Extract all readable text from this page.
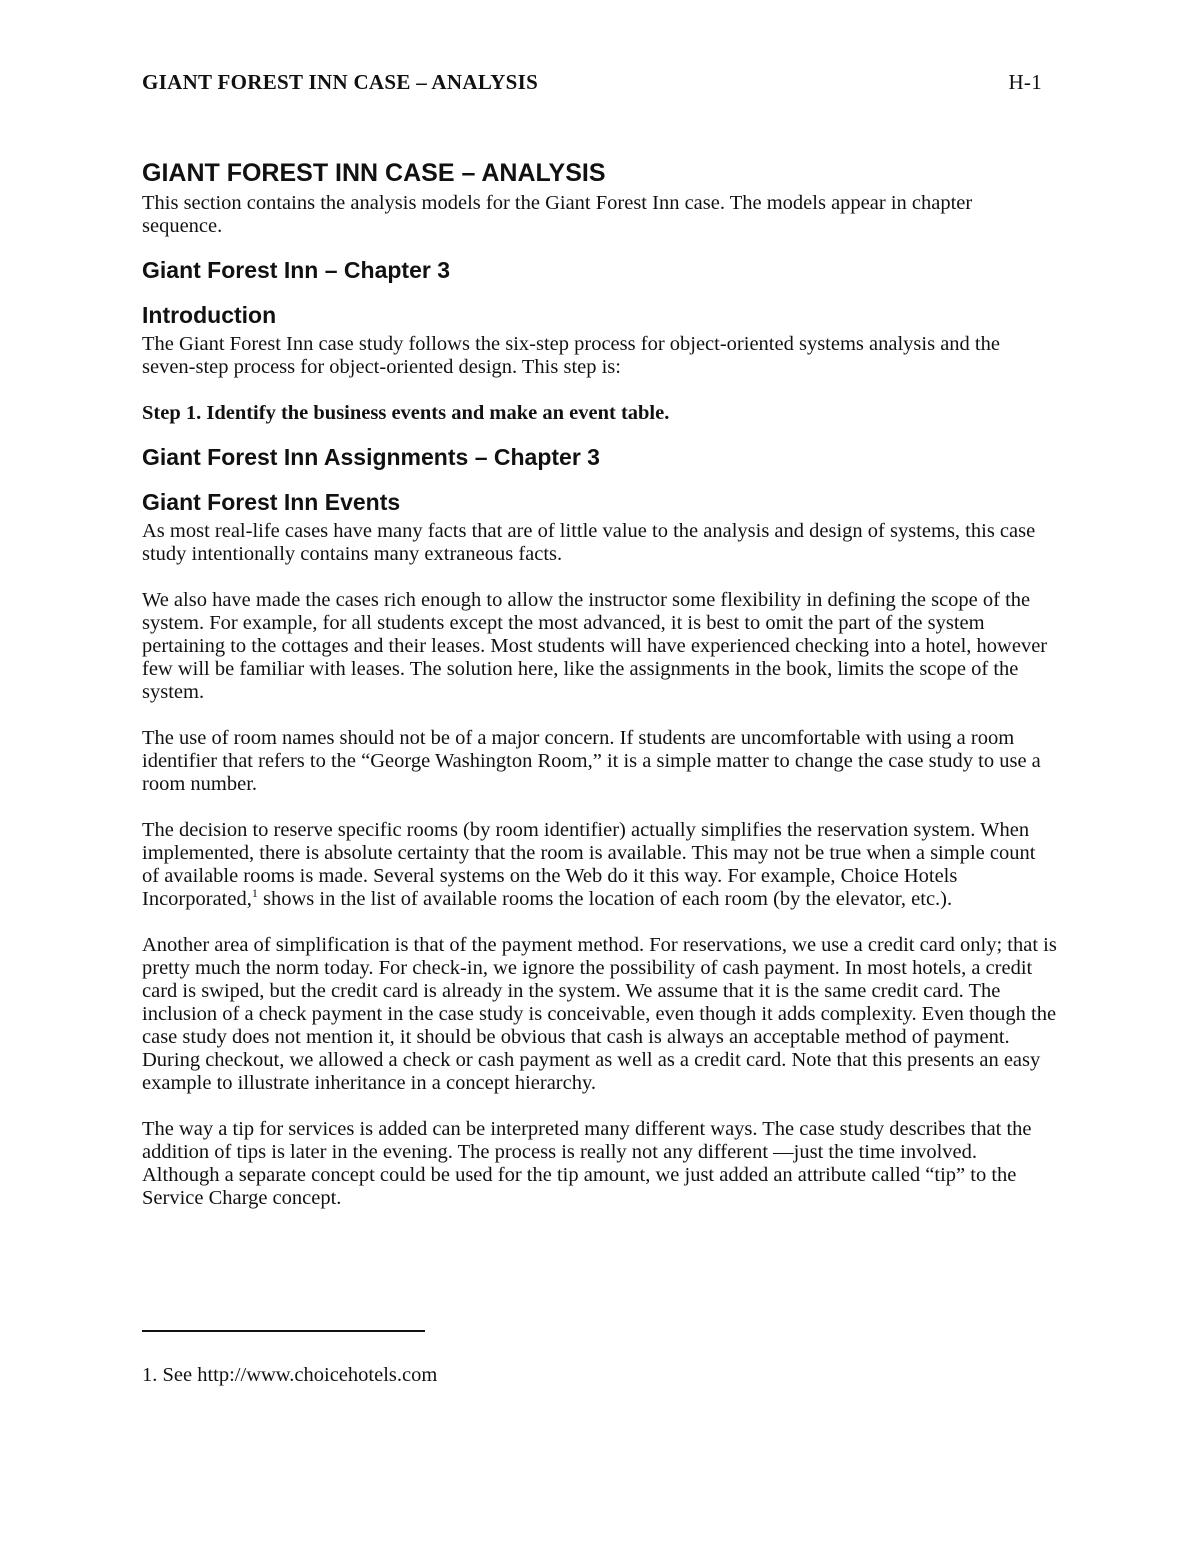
GIANT FOREST INN CASE – ANALYSIS	H-1
GIANT FOREST INN CASE – ANALYSIS

This section contains the analysis models for the Giant Forest Inn case. The models appear in chapter sequence.

Giant Forest Inn – Chapter 3
Introduction

The Giant Forest Inn case study follows the six-step process for object-oriented systems analysis and the seven-step process for object-oriented design. This step is:

Step 1. Identify the business events and make an event table.

Giant Forest Inn Assignments – Chapter 3
Giant Forest Inn Events

As most real-life cases have many facts that are of little value to the analysis and design of systems, this case study intentionally contains many extraneous facts.

We also have made the cases rich enough to allow the instructor some flexibility in defining the scope of the system. For example, for all students except the most advanced, it is best to omit the part of the system pertaining to the cottages and their leases. Most students will have experienced checking into a hotel, however few will be familiar with leases. The solution here, like the assignments in the book, limits the scope of the system.

The use of room names should not be of a major concern. If students are uncomfortable with using a room identifier that refers to the “George Washington Room,” it is a simple matter to change the case study to use a room number.

The decision to reserve specific rooms (by room identifier) actually simplifies the reservation system. When implemented, there is absolute certainty that the room is available. This may not be true when a simple count of available rooms is made. Several systems on the Web do it this way. For example, Choice Hotels Incorporated,$^1$ shows in the list of available rooms the location of each room (by the elevator, etc.).

Another area of simplification is that of the payment method. For reservations, we use a credit card only; that is pretty much the norm today. For check-in, we ignore the possibility of cash payment. In most hotels, a credit card is swiped, but the credit card is already in the system. We assume that it is the same credit card. The inclusion of a check payment in the case study is conceivable, even though it adds complexity. Even though the case study does not mention it, it should be obvious that cash is always an acceptable method of payment. During checkout, we allowed a check or cash payment as well as a credit card. Note that this presents an easy example to illustrate inheritance in a concept hierarchy.

The way a tip for services is added can be interpreted many different ways. The case study describes that the addition of tips is later in the evening. The process is really not any different —just the time involved. Although a separate concept could be used for the tip amount, we just added an attribute called “tip” to the Service Charge concept.

1. See http://www.choicehotels.com
